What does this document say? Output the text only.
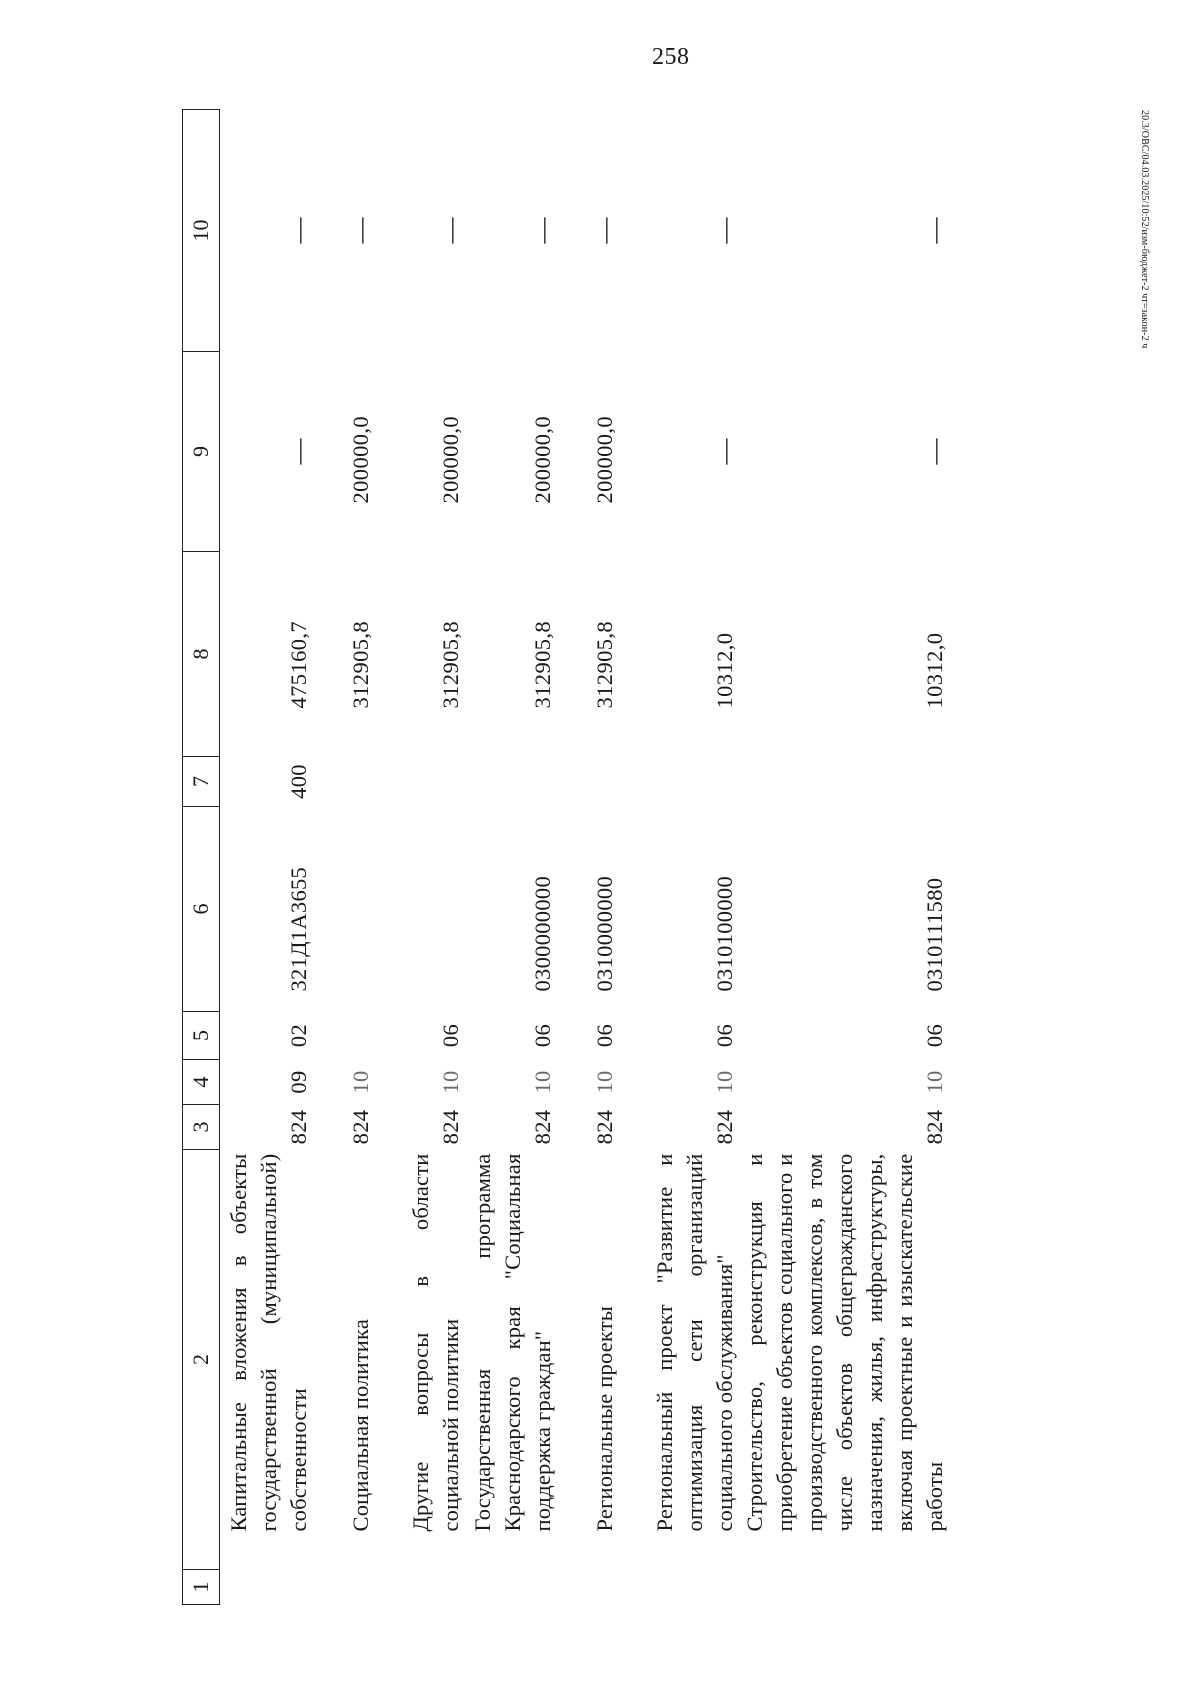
258
20.3/ОВС/04.03.2025/10:52/изм-бюджет-2 чт=закон-2 ч
1	2	3	4	5	6	7	8	9	10
	Капитальные вложения в объекты государственной (муниципальной) собственности	824	09	02	321Д1А3655	400	475160,7	—	—
	Социальная политика	824	10				312905,8	200000,0	—
	Другие вопросы в области социальной политики	824	10	06			312905,8	200000,0	—
	Государственная программа Краснодарского края "Социальная поддержка граждан"	824	10	06	0300000000		312905,8	200000,0	—
	Региональные проекты	824	10	06	0310000000		312905,8	200000,0	—
	Региональный проект "Развитие и оптимизация сети организаций социального обслуживания"	824	10	06	0310100000		10312,0	—	—
	Строительство, реконструкция и приобретение объектов социального и производственного комплексов, в том числе объектов общегражданского назначения, жилья, инфраструктуры, включая проектные и изыскательские работы	824	10	06	0310111580		10312,0	—	—
